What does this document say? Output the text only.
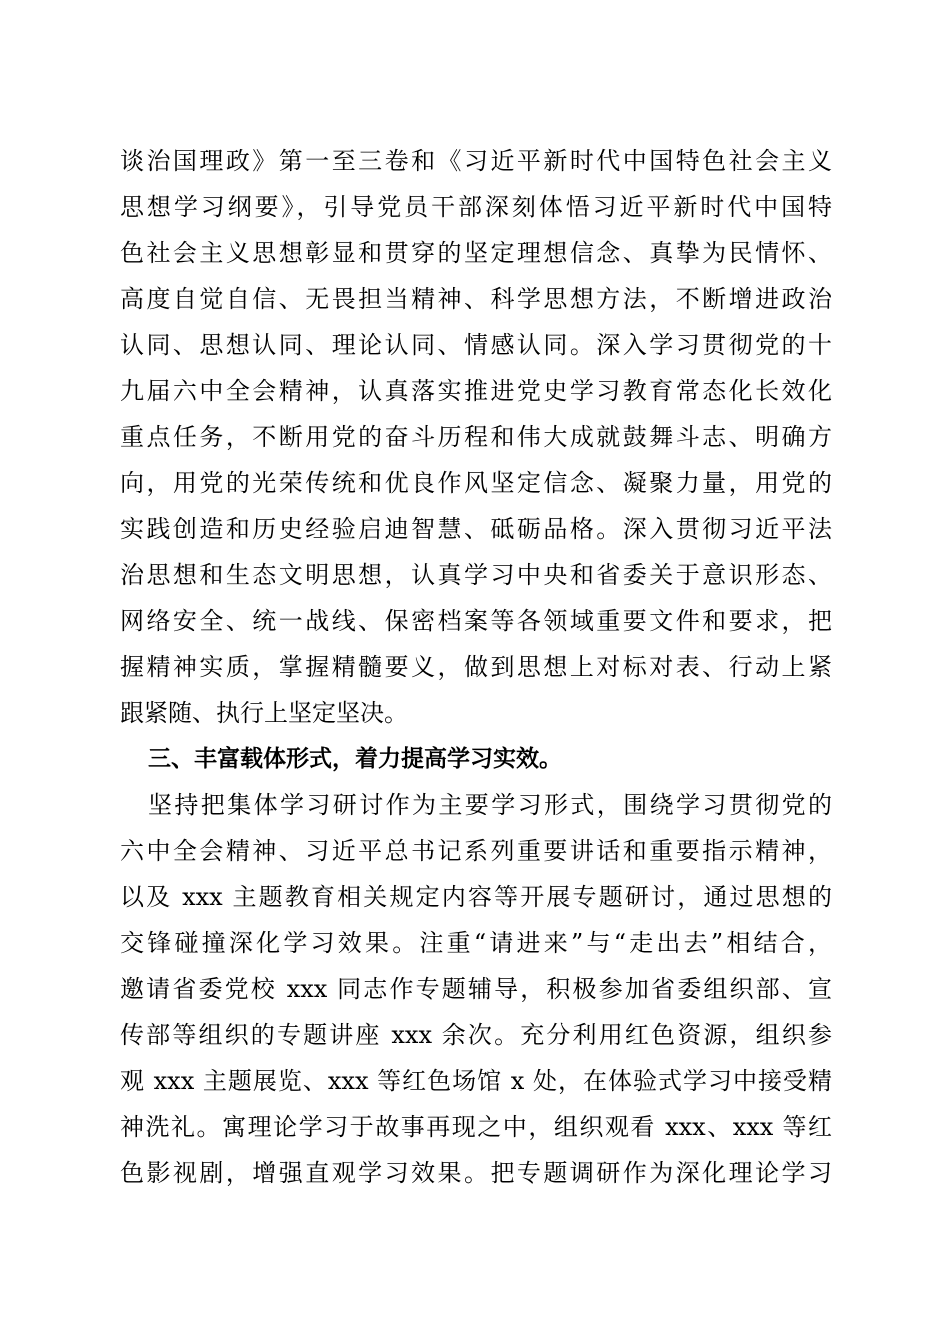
谈治国理政》第一至三卷和《习近平新时代中国特色社会主义
思想学习纲要》，引导党员干部深刻体悟习近平新时代中国特
色社会主义思想彰显和贯穿的坚定理想信念、真挚为民情怀、
高度自觉自信、无畏担当精神、科学思想方法，不断增进政治
认同、思想认同、理论认同、情感认同。深入学习贯彻党的十
九届六中全会精神，认真落实推进党史学习教育常态化长效化
重点任务，不断用党的奋斗历程和伟大成就鼓舞斗志、明确方
向，用党的光荣传统和优良作风坚定信念、凝聚力量，用党的
实践创造和历史经验启迪智慧、砥砺品格。深入贯彻习近平法
治思想和生态文明思想，认真学习中央和省委关于意识形态、
网络安全、统一战线、保密档案等各领域重要文件和要求，把
握精神实质，掌握精髓要义，做到思想上对标对表、行动上紧
跟紧随、执行上坚定坚决。
三、丰富载体形式，着力提高学习实效。
坚持把集体学习研讨作为主要学习形式，围绕学习贯彻党的
六中全会精神、习近平总书记系列重要讲话和重要指示精神，
以及 xxx 主题教育相关规定内容等开展专题研讨，通过思想的
交锋碰撞深化学习效果。注重“请进来”与“走出去”相结合，
邀请省委党校 xxx 同志作专题辅导，积极参加省委组织部、宣
传部等组织的专题讲座 xxx 余次。充分利用红色资源，组织参
观 xxx 主题展览、xxx 等红色场馆 x 处，在体验式学习中接受精
神洗礼。寓理论学习于故事再现之中，组织观看 xxx、xxx 等红
色影视剧，增强直观学习效果。把专题调研作为深化理论学习
